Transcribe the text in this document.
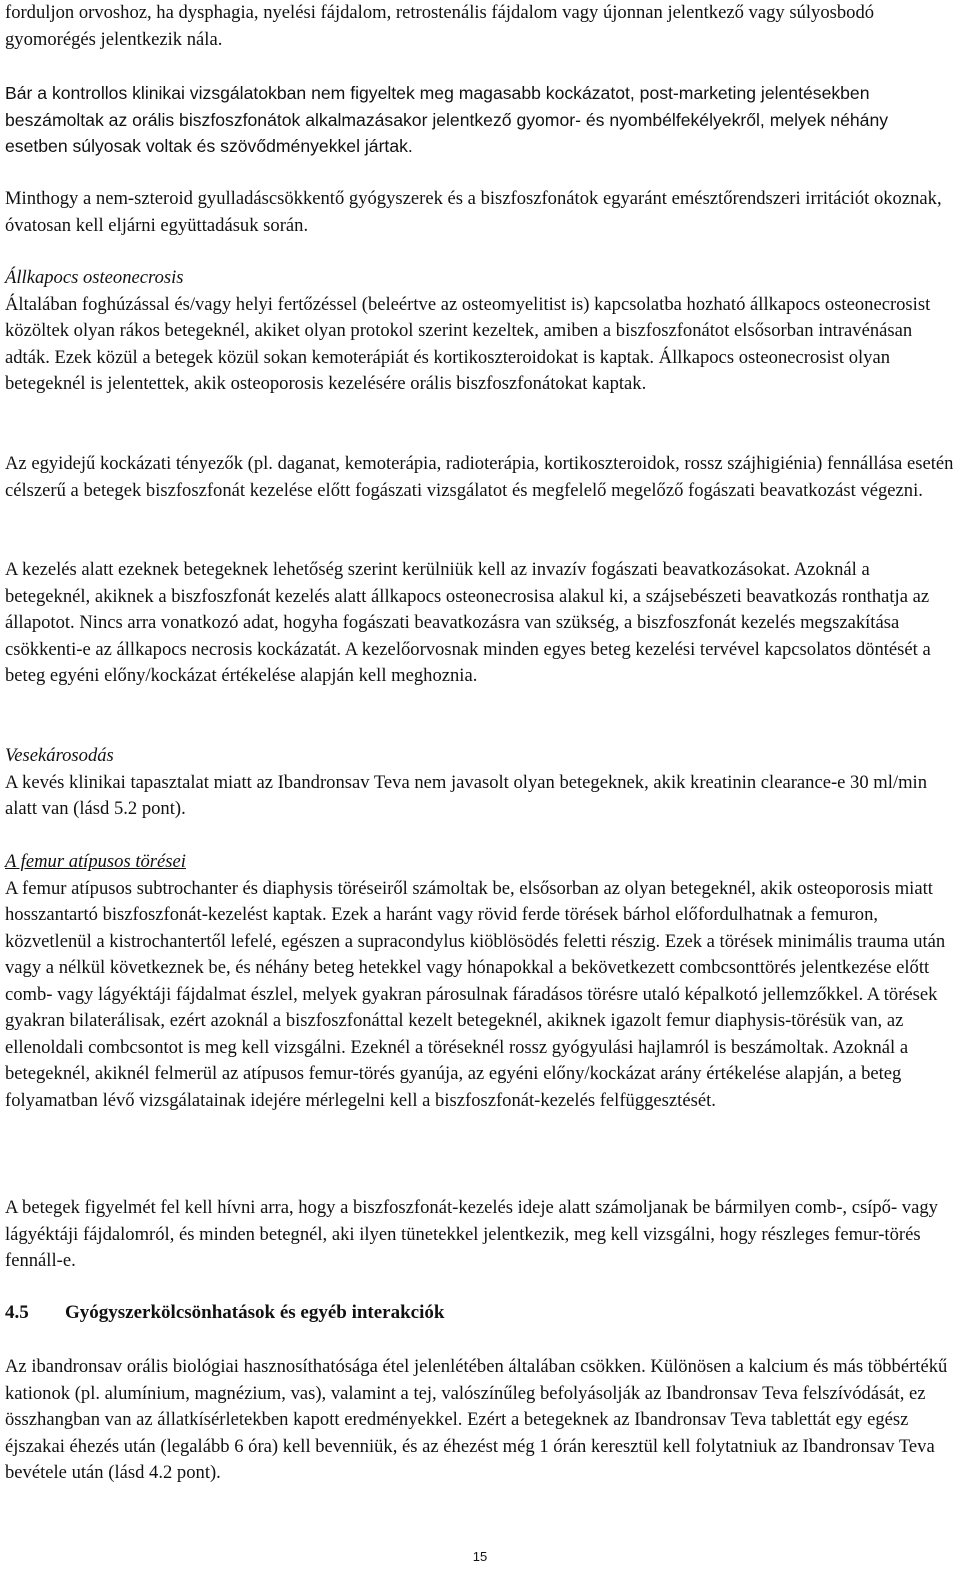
forduljon orvoshoz, ha dysphagia, nyelési fájdalom, retrostenális fájdalom vagy újonnan jelentkező vagy súlyosbodó gyomorégés jelentkezik nála.

Bár a kontrollos klinikai vizsgálatokban nem figyeltek meg magasabb kockázatot, post-marketing jelentésekben beszámoltak az orális biszfoszfonátok alkalmazásakor jelentkező gyomor- és nyombélfekélyekről, melyek néhány esetben súlyosak voltak és szövődményekkel jártak.

Minthogy a nem-szteroid gyulladáscsökkentő gyógyszerek és a biszfoszfonátok egyaránt emésztőrendszeri irritációt okoznak, óvatosan kell eljárni együttadásuk során.

Állkapocs osteonecrosis
Általában foghúzással és/vagy helyi fertőzéssel (beleértve az osteomyelitist is) kapcsolatba hozható állkapocs osteonecrosist közöltek olyan rákos betegeknél, akiket olyan protokol szerint kezeltek, amiben a biszfoszfonátot elsősorban intravénásan adták. Ezek közül a betegek közül sokan kemoterápiát és kortikoszteroidokat is kaptak. Állkapocs osteonecrosist olyan betegeknél is jelentettek, akik osteoporosis kezelésére orális biszfoszfonátokat kaptak.

Az egyidejű kockázati tényezők (pl. daganat, kemoterápia, radioterápia, kortikoszteroidok, rossz szájhigiénia) fennállása esetén célszerű a betegek biszfoszfonát kezelése előtt fogászati vizsgálatot és megfelelő megelőző fogászati beavatkozást végezni.

A kezelés alatt ezeknek betegeknek lehetőség szerint kerülniük kell az invazív fogászati beavatkozásokat. Azoknál a betegeknél, akiknek a biszfoszfonát kezelés alatt állkapocs osteonecrosisa alakul ki, a szájsebészeti beavatkozás ronthatja az állapotot. Nincs arra vonatkozó adat, hogyha fogászati beavatkozásra van szükség, a biszfoszfonát kezelés megszakítása csökkenti-e az állkapocs necrosis kockázatát. A kezelőorvosnak minden egyes beteg kezelési tervével kapcsolatos döntését a beteg egyéni előny/kockázat értékelése alapján kell meghoznia.

Vesekárosodás
A kevés klinikai tapasztalat miatt az Ibandronsav Teva nem javasolt olyan betegeknek, akik kreatinin clearance-e 30 ml/min alatt van (lásd 5.2 pont).
A femur atípusos törései
A femur atípusos subtrochanter és diaphysis töréseiről számoltak be, elsősorban az olyan betegeknél, akik osteoporosis miatt hosszantartó biszfoszfonát-kezelést kaptak. Ezek a haránt vagy rövid ferde törések bárhol előfordulhatnak a femuron, közvetlenül a kistrochantertől lefelé, egészen a supracondylus kiöblösödés feletti részig. Ezek a törések minimális trauma után vagy a nélkül következnek be, és néhány beteg hetekkel vagy hónapokkal a bekövetkezett combcsonttörés jelentkezése előtt comb- vagy lágyéktáji fájdalmat észlel, melyek gyakran párosulnak fáradásos törésre utaló képalkotó jellemzőkkel. A törések gyakran bilaterálisak, ezért azoknál a biszfoszfonáttal kezelt betegeknél, akiknek igazolt femur diaphysis-törésük van, az ellenoldali combcsontot is meg kell vizsgálni. Ezeknél a töréseknél rossz gyógyulási hajlamról is beszámoltak. Azoknál a betegeknél, akiknél felmerül az atípusos femur-törés gyanúja, az egyéni előny/kockázat arány értékelése alapján, a beteg folyamatban lévő vizsgálatainak idejére mérlegelni kell a biszfoszfonát-kezelés felfüggesztését.

A betegek figyelmét fel kell hívni arra, hogy a biszfoszfonát-kezelés ideje alatt számoljanak be bármilyen comb-, csípő- vagy lágyéktáji fájdalomról, és minden betegnél, aki ilyen tünetekkel jelentkezik, meg kell vizsgálni, hogy részleges femur-törés fennáll-e.

4.5 Gyógyszerkölcsönhatások és egyéb interakciók

Az ibandronsav orális biológiai hasznosíthatósága étel jelenlétében általában csökken. Különösen a kalcium és más többértékű kationok (pl. alumínium, magnézium, vas), valamint a tej, valószínűleg befolyásolják az Ibandronsav Teva felszívódását, ez összhangban van az állatkísérletekben kapott eredményekkel. Ezért a betegeknek az Ibandronsav Teva tablettát egy egész éjszakai éhezés után (legalább 6 óra) kell bevenniük, és az éhezést még 1 órán keresztül kell folytatniuk az Ibandronsav Teva bevétele után (lásd 4.2 pont).

15
